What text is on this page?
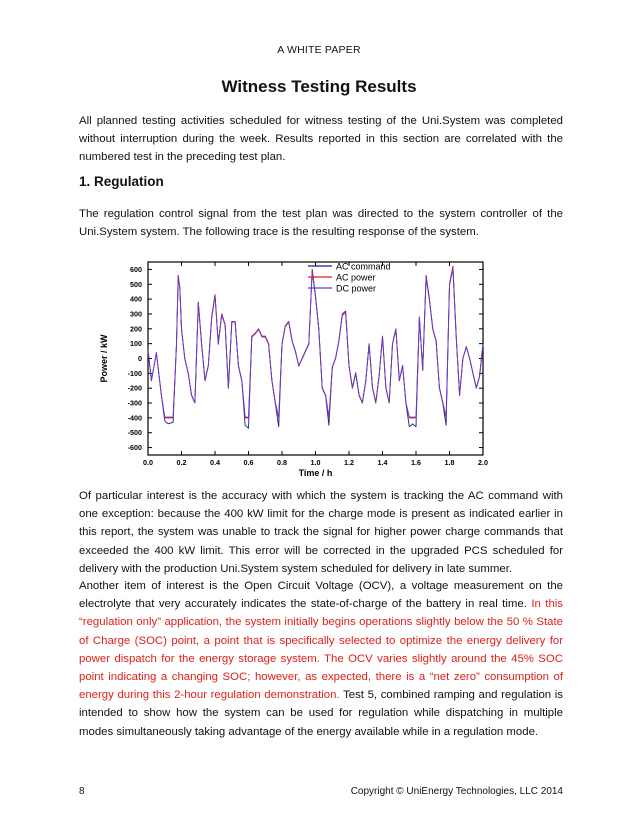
A WHITE PAPER
Witness Testing Results
All planned testing activities scheduled for witness testing of the Uni.System was completed without interruption during the week. Results reported in this section are correlated with the numbered test in the preceding test plan.
1. Regulation
The regulation control signal from the test plan was directed to the system controller of the Uni.System system. The following trace is the resulting response of the system.
600
500
400
300
200
100
0
-100
-200
-300
-400
-500
-600
0.0	0.2	0.4	0.6	0.8	1.0	1.2	1.4	1.6	1.8	2.0
Time / h
Power / kW
AC command
AC power
DC power
Of particular interest is the accuracy with which the system is tracking the AC command with one exception: because the 400 kW limit for the charge mode is present as indicated earlier in this report, the system was unable to track the signal for higher power charge commands that exceeded the 400 kW limit. This error will be corrected in the upgraded PCS scheduled for delivery with the production Uni.System system scheduled for delivery in late summer.
Another item of interest is the Open Circuit Voltage (OCV), a voltage measurement on the electrolyte that very accurately indicates the state-of-charge of the battery in real time. In this “regulation only” application, the system initially begins operations slightly below the 50 % State of Charge (SOC) point, a point that is specifically selected to optimize the energy delivery for power dispatch for the energy storage system. The OCV varies slightly around the 45% SOC point indicating a changing SOC; however, as expected, there is a “net zero” consumption of energy during this 2-hour regulation demonstration. Test 5, combined ramping and regulation is intended to show how the system can be used for regulation while dispatching in multiple modes simultaneously taking advantage of the energy available while in a regulation mode.
8	Copyright © UniEnergy Technologies, LLC 2014
